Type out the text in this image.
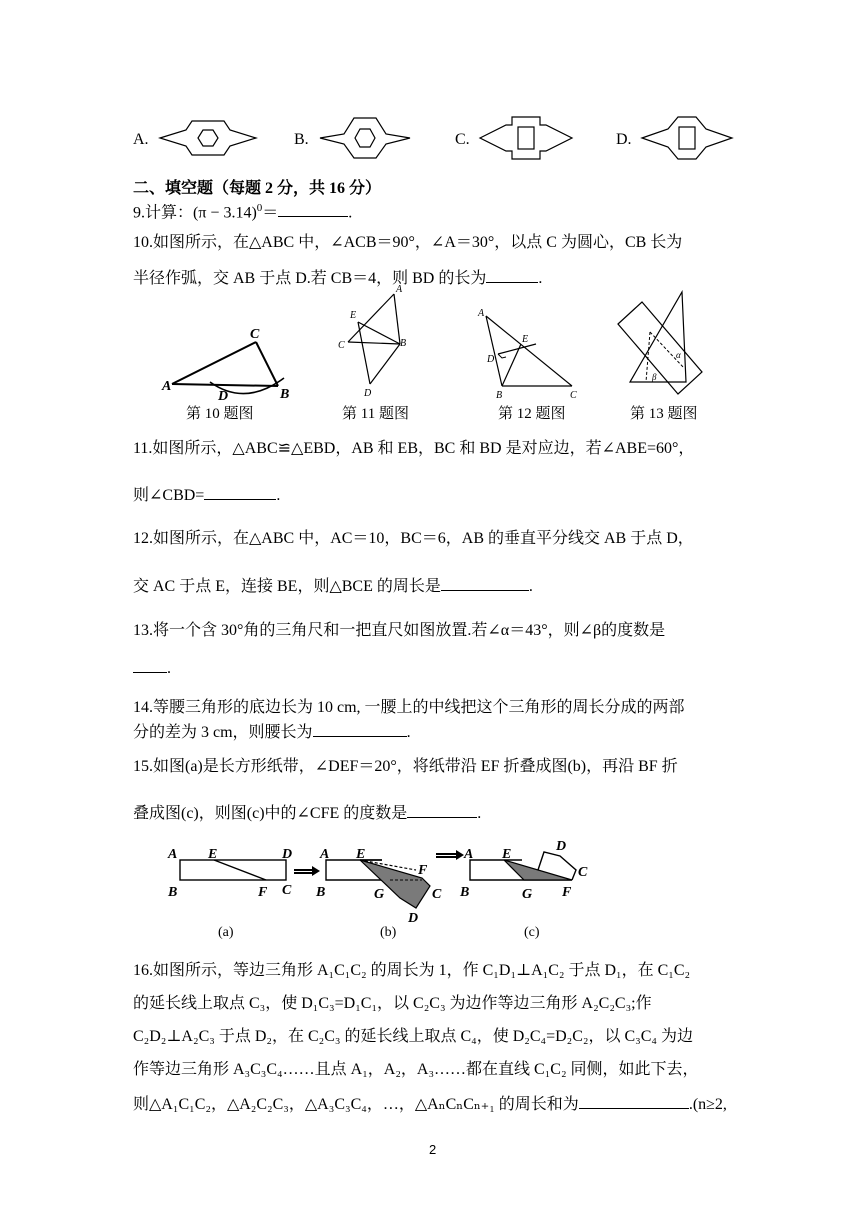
A.	B.	C.	D.
二、填空题（每题 2 分，共 16 分）
9.计算：$(\pi - 3.14)^0=$	.
10.如图所示，在△ABC 中，∠ACB＝90°，∠A＝30°，以点 C 为圆心，CB 长为
半径作弧，交 AB 于点 D.若 CB＝4，则 BD 的长为	.
A
B
C
D
A
B
C
D
E	A
B	C
D
E
α
β
第 10 题图	第 11 题图	第 12 题图	第 13 题图
11.如图所示，△ABC≌△EBD，AB 和 EB，BC 和 BD 是对应边，若∠ABE=60°，
则∠CBD=	.
12.如图所示，在△ABC 中，AC＝10，BC＝6，AB 的垂直平分线交 AB 于点 D，
交 AC 于点 E，连接 BE，则△BCE 的周长是	.
13.将一个含 30°角的三角尺和一把直尺如图放置.若∠α＝43°，则∠β的度数是
.
14.等腰三角形的底边长为 10 cm, 一腰上的中线把这个三角形的周长分成的两部
分的差为 3 cm，则腰长为	.
15.如图(a)是长方形纸带，∠DEF＝20°，将纸带沿 EF 折叠成图(b)，再沿 BF 折
叠成图(c)，则图(c)中的∠CFE 的度数是	.
A E	D
B	F C
(a)
A E
F
B	G	C
D
(b)
A E
D
C
B	G F
(c)
16.如图所示，等边三角形 A₁C₁C₂ 的周长为 1，作 C₁D₁⊥A₁C₂ 于点 D₁，在 C₁C₂
的延长线上取点 C₃，使 D₁C₃=D₁C₁，以 C₂C₃ 为边作等边三角形 A₂C₂C₃;作
C₂D₂⊥A₂C₃ 于点 D₂，在 C₂C₃ 的延长线上取点 C₄，使 D₂C₄=D₂C₂，以 C₃C₄ 为边
作等边三角形 A₃C₃C₄……且点 A₁，A₂，A₃……都在直线 C₁C₂ 同侧，如此下去，
则△A₁C₁C₂，△A₂C₂C₃，△A₃C₃C₄，…，△AₙCₙCₙ₊₁ 的周长和为	.(n≥2,
2
